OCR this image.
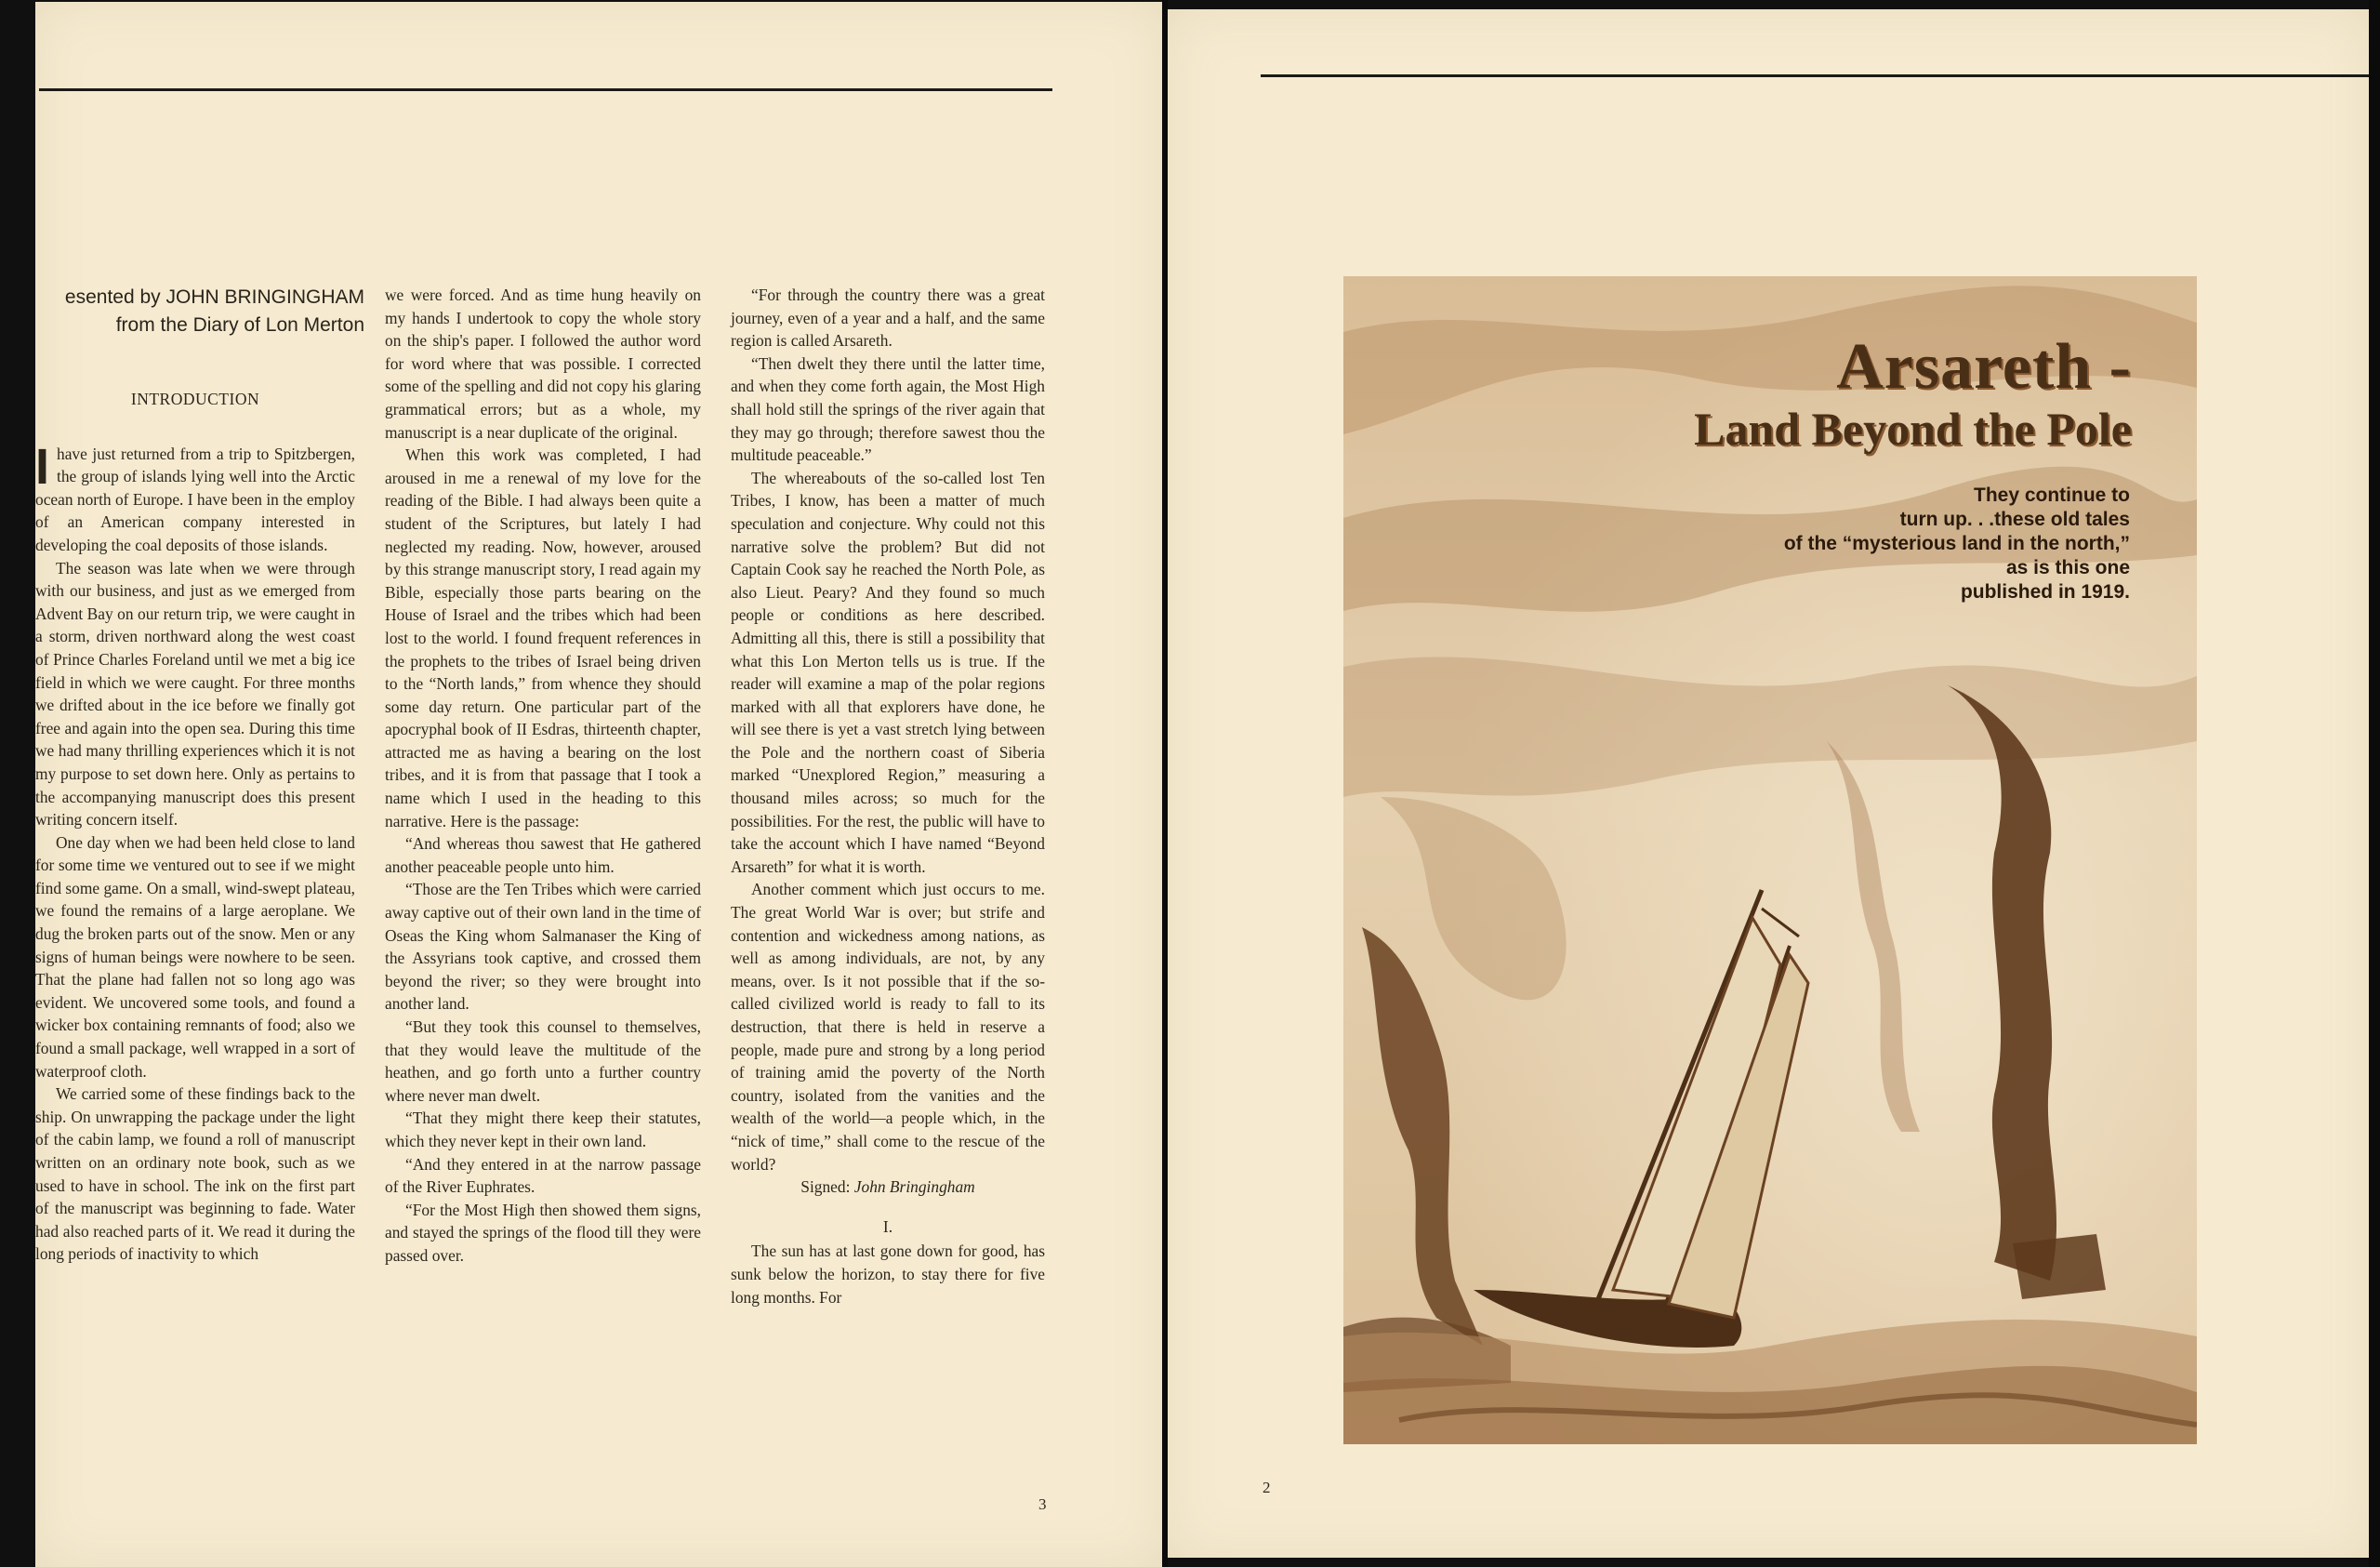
esented by JOHN BRINGINGHAM
from the Diary of Lon Merton

INTRODUCTION

Ihave just returned from a trip to Spitzbergen, the group of islands lying well into the Arctic ocean north of Europe. I have been in the employ of an American company interested in developing the coal deposits of those islands.

The season was late when we were through with our business, and just as we emerged from Advent Bay on our return trip, we were caught in a storm, driven northward along the west coast of Prince Charles Foreland until we met a big ice field in which we were caught. For three months we drifted about in the ice before we finally got free and again into the open sea. During this time we had many thrilling experiences which it is not my purpose to set down here. Only as pertains to the accompanying manuscript does this present writing concern itself.

One day when we had been held close to land for some time we ventured out to see if we might find some game. On a small, wind-swept plateau, we found the remains of a large aeroplane. We dug the broken parts out of the snow. Men or any signs of human beings were nowhere to be seen. That the plane had fallen not so long ago was evident. We uncovered some tools, and found a wicker box containing remnants of food; also we found a small package, well wrapped in a sort of waterproof cloth.

We carried some of these findings back to the ship. On unwrapping the package under the light of the cabin lamp, we found a roll of manuscript written on an ordinary note book, such as we used to have in school. The ink on the first part of the manuscript was beginning to fade. Water had also reached parts of it. We read it during the long periods of inactivity to which

we were forced. And as time hung heavily on my hands I undertook to copy the whole story on the ship's paper. I followed the author word for word where that was possible. I corrected some of the spelling and did not copy his glaring grammatical errors; but as a whole, my manuscript is a near duplicate of the original.

When this work was completed, I had aroused in me a renewal of my love for the reading of the Bible. I had always been quite a student of the Scriptures, but lately I had neglected my reading. Now, however, aroused by this strange manuscript story, I read again my Bible, especially those parts bearing on the House of Israel and the tribes which had been lost to the world. I found frequent references in the prophets to the tribes of Israel being driven to the “North lands,” from whence they should some day return. One particular part of the apocryphal book of II Esdras, thirteenth chapter, attracted me as having a bearing on the lost tribes, and it is from that passage that I took a name which I used in the heading to this narrative. Here is the passage:

“And whereas thou sawest that He gathered another peaceable people unto him.

“Those are the Ten Tribes which were carried away captive out of their own land in the time of Oseas the King whom Salmanaser the King of the Assyrians took captive, and crossed them beyond the river; so they were brought into another land.

“But they took this counsel to themselves, that they would leave the multitude of the heathen, and go forth unto a further country where never man dwelt.

“That they might there keep their statutes, which they never kept in their own land.

“And they entered in at the narrow passage of the River Euphrates.

“For the Most High then showed them signs, and stayed the springs of the flood till they were passed over.

“For through the country there was a great journey, even of a year and a half, and the same region is called Arsareth.

“Then dwelt they there until the latter time, and when they come forth again, the Most High shall hold still the springs of the river again that they may go through; therefore sawest thou the multitude peaceable.”

The whereabouts of the so-called lost Ten Tribes, I know, has been a matter of much speculation and conjecture. Why could not this narrative solve the problem? But did not Captain Cook say he reached the North Pole, as also Lieut. Peary? And they found so much people or conditions as here described. Admitting all this, there is still a possibility that what this Lon Merton tells us is true. If the reader will examine a map of the polar regions marked with all that explorers have done, he will see there is yet a vast stretch lying between the Pole and the northern coast of Siberia marked “Unexplored Region,” measuring a thousand miles across; so much for the possibilities. For the rest, the public will have to take the account which I have named “Beyond Arsareth” for what it is worth.

Another comment which just occurs to me. The great World War is over; but strife and contention and wickedness among nations, as well as among individuals, are not, by any means, over. Is it not possible that if the so-called civilized world is ready to fall to its destruction, that there is held in reserve a people, made pure and strong by a long period of training amid the poverty of the North country, isolated from the vanities and the wealth of the world—a people which, in the “nick of time,” shall come to the rescue of the world?

Signed: John Bringingham

I.

The sun has at last gone down for good, has sunk below the horizon, to stay there for five long months. For

3
Arsareth -
Land Beyond the Pole
They continue to
turn up. . .these old tales
of the “mysterious land in the north,”
as is this one
published in 1919.
2
